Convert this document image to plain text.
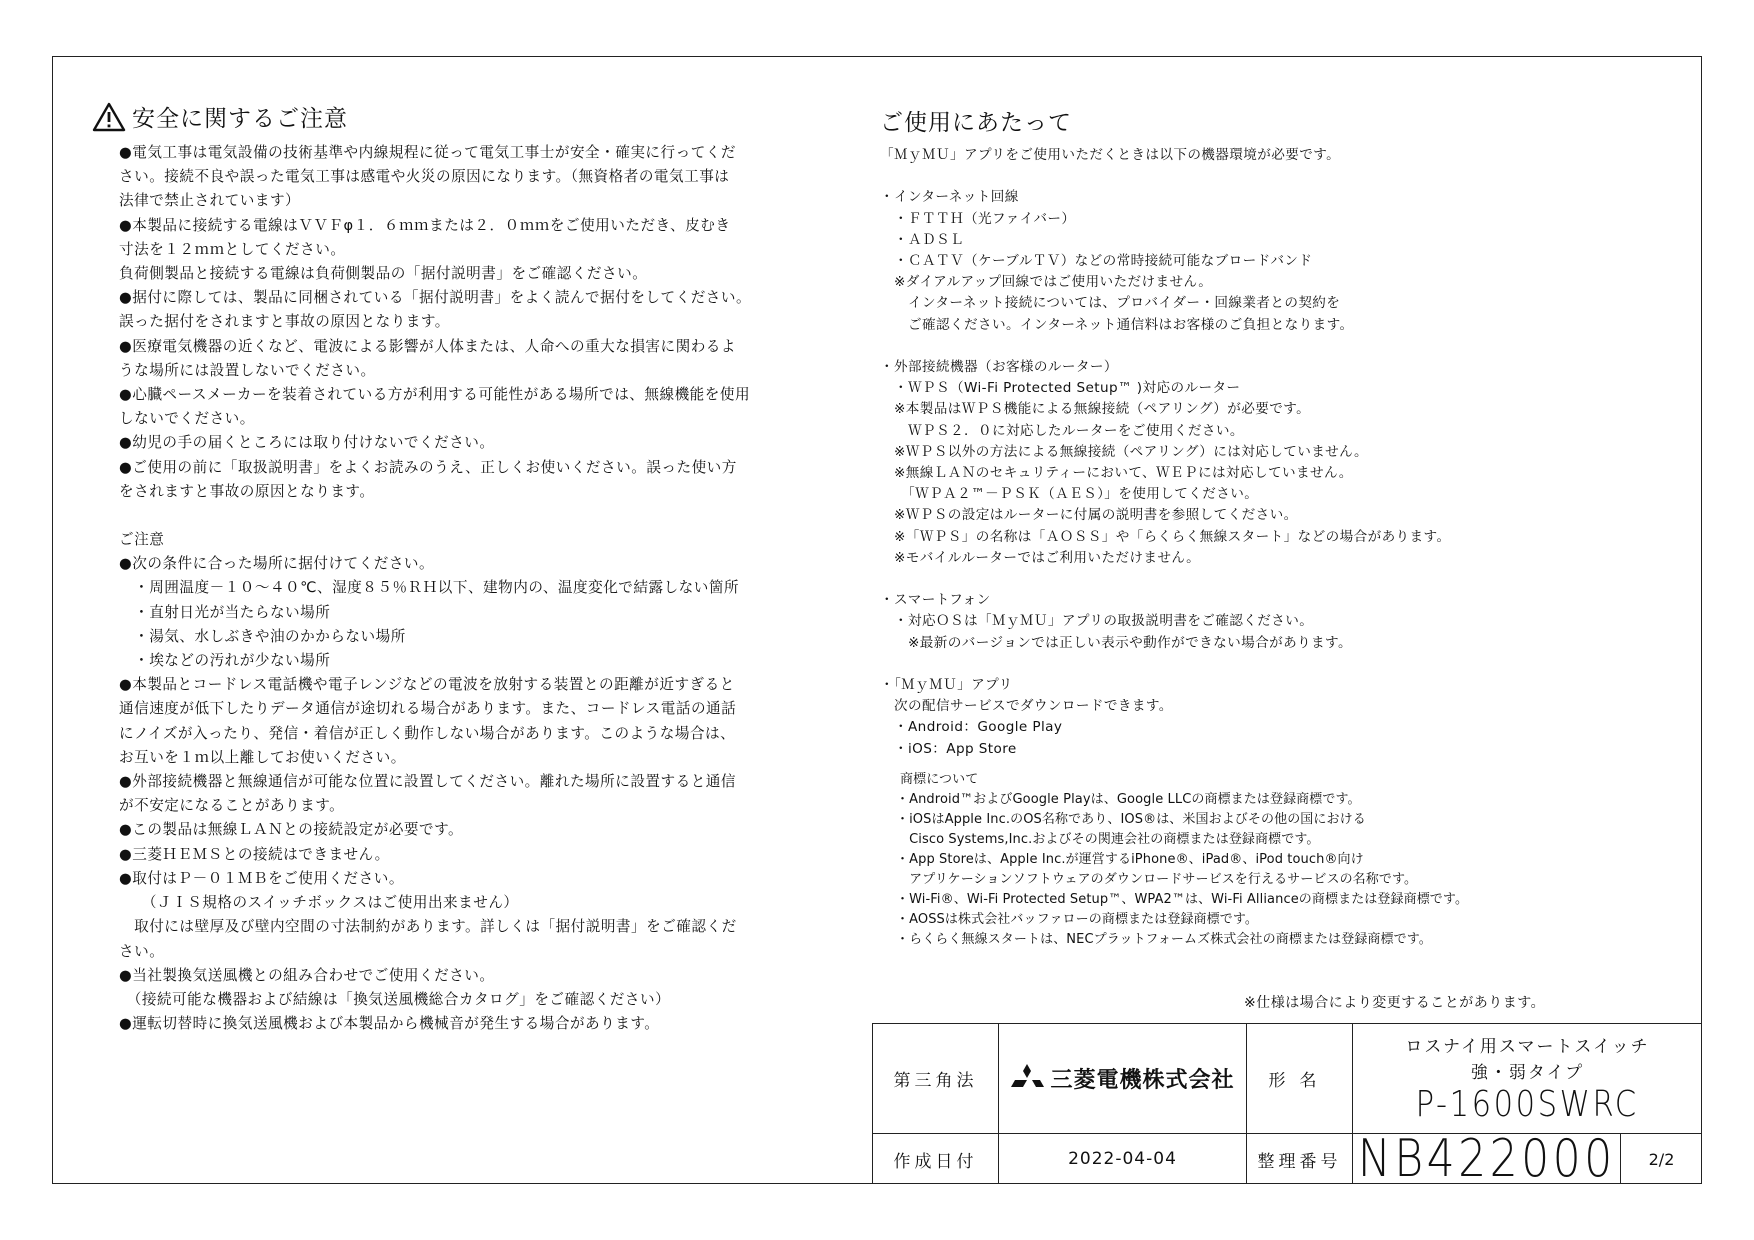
安全に関するご注意
●電気工事は電気設備の技術基準や内線規程に従って電気工事士が安全・確実に行ってくだ
さい。接続不良や誤った電気工事は感電や火災の原因になります。（無資格者の電気工事は
法律で禁止されています）
●本製品に接続する電線はＶＶＦφ１．６ｍｍまたは２．０ｍｍをご使用いただき、皮むき
寸法を１２ｍｍとしてください。
負荷側製品と接続する電線は負荷側製品の「据付説明書」をご確認ください。
●据付に際しては、製品に同梱されている「据付説明書」をよく読んで据付をしてください。
誤った据付をされますと事故の原因となります。
●医療電気機器の近くなど、電波による影響が人体または、人命への重大な損害に関わるよ
うな場所には設置しないでください。
●心臓ペースメーカーを装着されている方が利用する可能性がある場所では、無線機能を使用
しないでください。
●幼児の手の届くところには取り付けないでください。
●ご使用の前に「取扱説明書」をよくお読みのうえ、正しくお使いください。誤った使い方
をされますと事故の原因となります。
ご注意
●次の条件に合った場所に据付けてください。
　・周囲温度－１０～４０℃、湿度８５％ＲＨ以下、建物内の、温度変化で結露しない箇所
　・直射日光が当たらない場所
　・湯気、水しぶきや油のかからない場所
　・埃などの汚れが少ない場所
●本製品とコードレス電話機や電子レンジなどの電波を放射する装置との距離が近すぎると
通信速度が低下したりデータ通信が途切れる場合があります。また、コードレス電話の通話
にノイズが入ったり、発信・着信が正しく動作しない場合があります。このような場合は、
お互いを１ｍ以上離してお使いください。
●外部接続機器と無線通信が可能な位置に設置してください。離れた場所に設置すると通信
が不安定になることがあります。
●この製品は無線ＬＡＮとの接続設定が必要です。
●三菱ＨＥＭＳとの接続はできません。
●取付はＰ－０１ＭＢをご使用ください。
　　（ＪＩＳ規格のスイッチボックスはご使用出来ません）
　取付には壁厚及び壁内空間の寸法制約があります。詳しくは「据付説明書」をご確認くだ
さい。
●当社製換気送風機との組み合わせでご使用ください。
　（接続可能な機器および結線は「換気送風機総合カタログ」をご確認ください）
●運転切替時に換気送風機および本製品から機械音が発生する場合があります。
ご使用にあたって
「ＭｙＭＵ」アプリをご使用いただくときは以下の機器環境が必要です。

・インターネット回線
　・ＦＴＴＨ（光ファイバー）
　・ＡＤＳＬ
　・ＣＡＴＶ（ケーブルＴＶ）などの常時接続可能なブロードバンド
　※ダイアルアップ回線ではご使用いただけません。
　　インターネット接続については、プロバイダー・回線業者との契約を
　　ご確認ください。インターネット通信料はお客様のご負担となります。

・外部接続機器（お客様のルーター）
　・ＷＰＳ（Wi-Fi Protected Setup™ )対応のルーター
　※本製品はＷＰＳ機能による無線接続（ペアリング）が必要です。
　　ＷＰＳ２．０に対応したルーターをご使用ください。
　※ＷＰＳ以外の方法による無線接続（ペアリング）には対応していません。
　※無線ＬＡＮのセキュリティーにおいて、ＷＥＰには対応していません。
　　「ＷＰＡ２™－ＰＳＫ（ＡＥＳ）」を使用してください。
　※ＷＰＳの設定はルーターに付属の説明書を参照してください。
　※「ＷＰＳ」の名称は「ＡＯＳＳ」や「らくらく無線スタート」などの場合があります。
　※モバイルルーターではご利用いただけません。

・スマートフォン
　・対応ＯＳは「ＭｙＭＵ」アプリの取扱説明書をご確認ください。
　　※最新のバージョンでは正しい表示や動作ができない場合があります。

・「ＭｙＭＵ」アプリ
　次の配信サービスでダウンロードできます。
　・Android：Google Play
　・iOS：App Store
商標について
・Android™およびGoogle Playは、Google LLCの商標または登録商標です。
・iOSはApple Inc.のOS名称であり、IOS®は、米国およびその他の国における
　Cisco Systems,Inc.およびその関連会社の商標または登録商標です。
・App Storeは、Apple Inc.が運営するiPhone®、iPad®、iPod touch®向け
　アプリケーションソフトウェアのダウンロードサービスを行えるサービスの名称です。
・Wi-Fi®、Wi-Fi Protected Setup™、WPA2™は、Wi-Fi Allianceの商標または登録商標です。
・AOSSは株式会社バッファローの商標または登録商標です。
・らくらく無線スタートは、NECプラットフォームズ株式会社の商標または登録商標です。
※仕様は場合により変更することがあります。
第三角法	三菱電機株式会社	形名
ロスナイ用スマートスイッチ
強・弱タイプ
P-1600SWRC
作成日付	2022-04-04	整理番号 NB422000	2/2
